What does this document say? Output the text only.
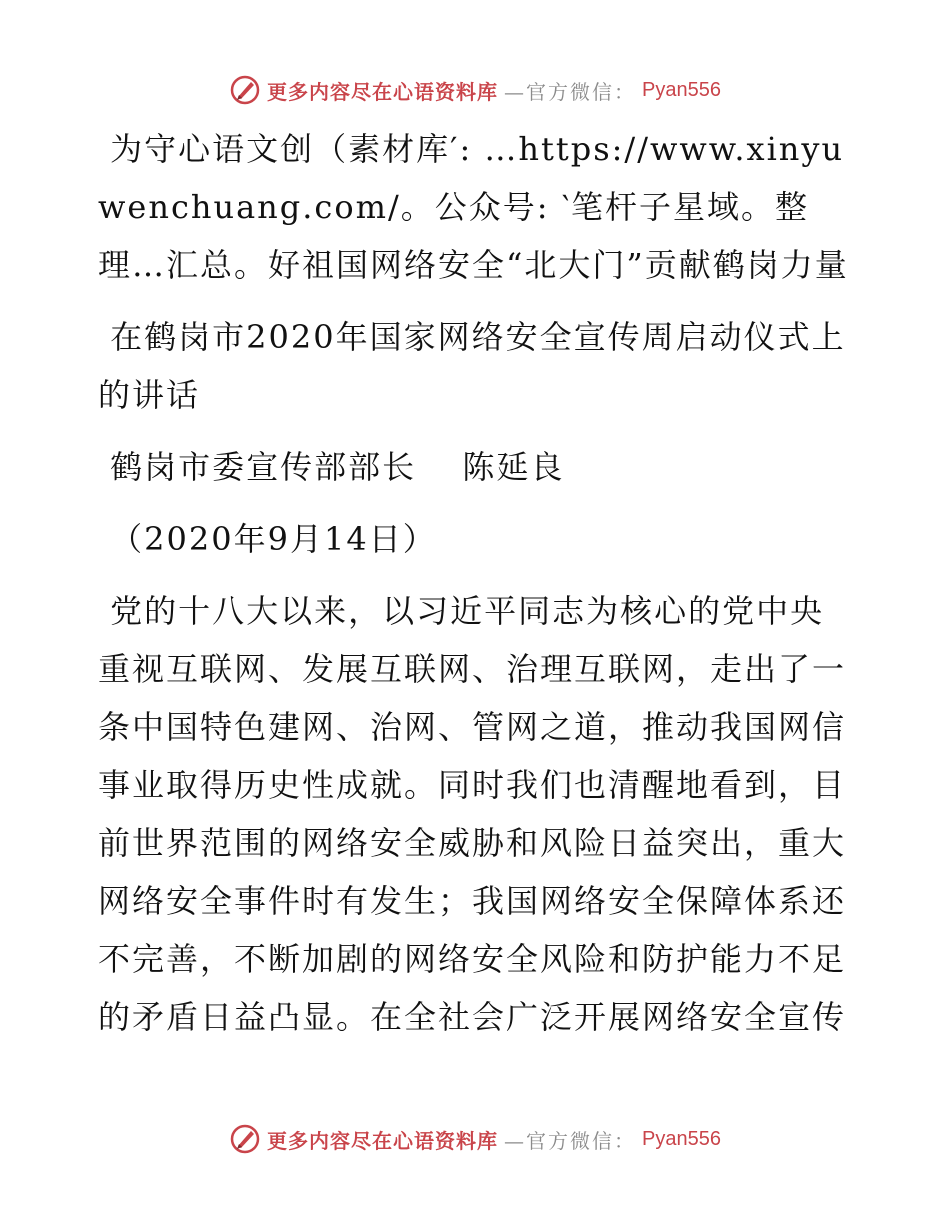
更多内容尽在心语资料库 —官方微信： Pyan556

为守心语文创（素材库′: …https://www.xinyuwenchuang.com/。公众号: ‵笔杆子星域。整理…汇总。好祖国网络安全“北大门”贡献鹤岗力量

在鹤岗市2020年国家网络安全宣传周启动仪式上的讲话

鹤岗市委宣传部部长　 陈延良

（2020年9月14日）

党的十八大以来，以习近平同志为核心的党中央重视互联网、发展互联网、治理互联网，走出了一条中国特色建网、治网、管网之道，推动我国网信事业取得历史性成就。同时我们也清醒地看到，目前世界范围的网络安全威胁和风险日益突出，重大网络安全事件时有发生；我国网络安全保障体系还不完善，不断加剧的网络安全风险和防护能力不足的矛盾日益凸显。在全社会广泛开展网络安全宣传

更多内容尽在心语资料库 —官方微信： Pyan556
